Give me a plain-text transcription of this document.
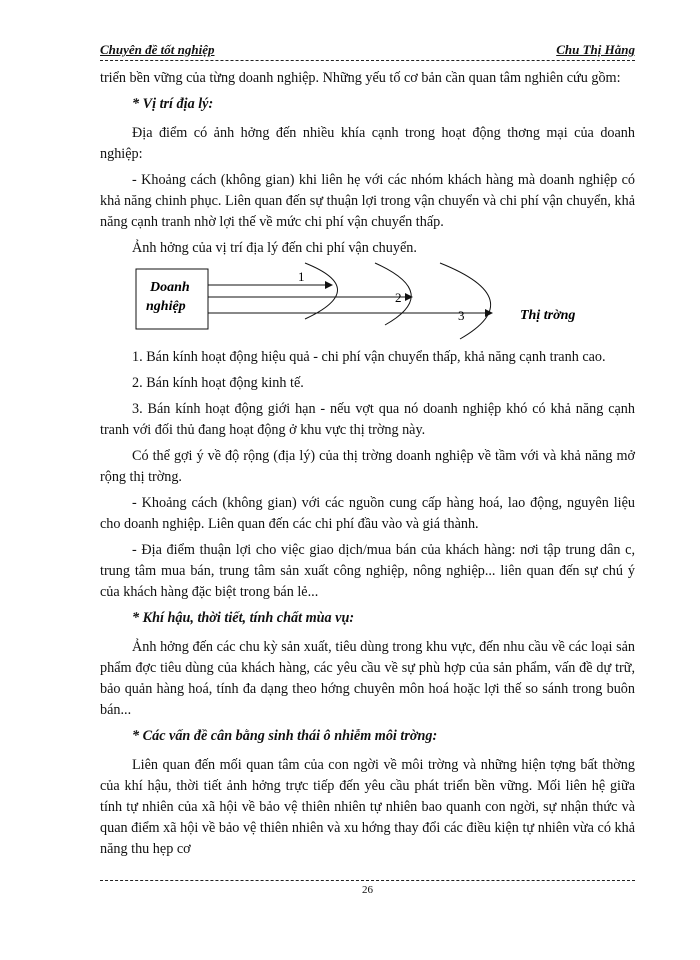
Chuyên đề tốt nghiệp	Chu Thị Hằng

triển bền vững của từng doanh nghiệp. Những yếu tố cơ bản cần quan tâm nghiên cứu gồm:

* Vị trí địa lý:

Địa điểm có ảnh hởng đến nhiều khía cạnh trong hoạt động thơng mại của doanh nghiệp:

- Khoảng cách (không gian) khi liên hẹ với các nhóm khách hàng mà doanh nghiệp có khả năng chinh phục. Liên quan đến sự thuận lợi trong vận chuyển và chi phí vận chuyển, khả năng cạnh tranh nhờ lợi thế về mức chi phí vận chuyển thấp.

Ảnh hởng của vị trí địa lý đến chi phí vận chuyển.

Doanh
nghiệp
1
2
3	Thị trờng

1. Bán kính hoạt động hiệu quả - chi phí vận chuyển thấp, khả năng cạnh tranh cao.

2. Bán kính hoạt động kinh tế.

3. Bán kính hoạt động giới hạn - nếu vợt qua nó doanh nghiệp khó có khả năng cạnh tranh với đối thủ đang hoạt động ở khu vực thị trờng này.

Có thể gợi ý về độ rộng (địa lý) của thị trờng doanh nghiệp về tầm với và khả năng mở rộng thị trờng.

- Khoảng cách (không gian) với các nguồn cung cấp hàng hoá, lao động, nguyên liệu cho doanh nghiệp. Liên quan đến các chi phí đầu vào và giá thành.

- Địa điểm thuận lợi cho việc giao dịch/mua bán của khách hàng: nơi tập trung dân c, trung tâm mua bán, trung tâm sản xuất công nghiệp, nông nghiệp... liên quan đến sự chú ý của khách hàng đặc biệt trong bán lẻ...

* Khí hậu, thời tiết, tính chất mùa vụ:

Ảnh hởng đến các chu kỳ sản xuất, tiêu dùng trong khu vực, đến nhu cầu về các loại sản phẩm đợc tiêu dùng của khách hàng, các yêu cầu về sự phù hợp của sản phẩm, vấn đề dự trữ, bảo quản hàng hoá, tính đa dạng theo hớng chuyên môn hoá hoặc lợi thế so sánh trong buôn bán...

* Các vấn đề cân bằng sinh thái ô nhiễm môi trờng:

Liên quan đến mối quan tâm của con ngời về môi trờng và những hiện tợng bất thờng của khí hậu, thời tiết ảnh hởng trực tiếp đến yêu cầu phát triển bền vững. Mối liên hệ giữa tính tự nhiên của xã hội về bảo vệ thiên nhiên tự nhiên bao quanh con ngời, sự nhận thức và quan điểm xã hội về bảo vệ thiên nhiên và xu hớng thay đổi các điều kiện tự nhiên vừa có khả năng thu hẹp cơ

26
